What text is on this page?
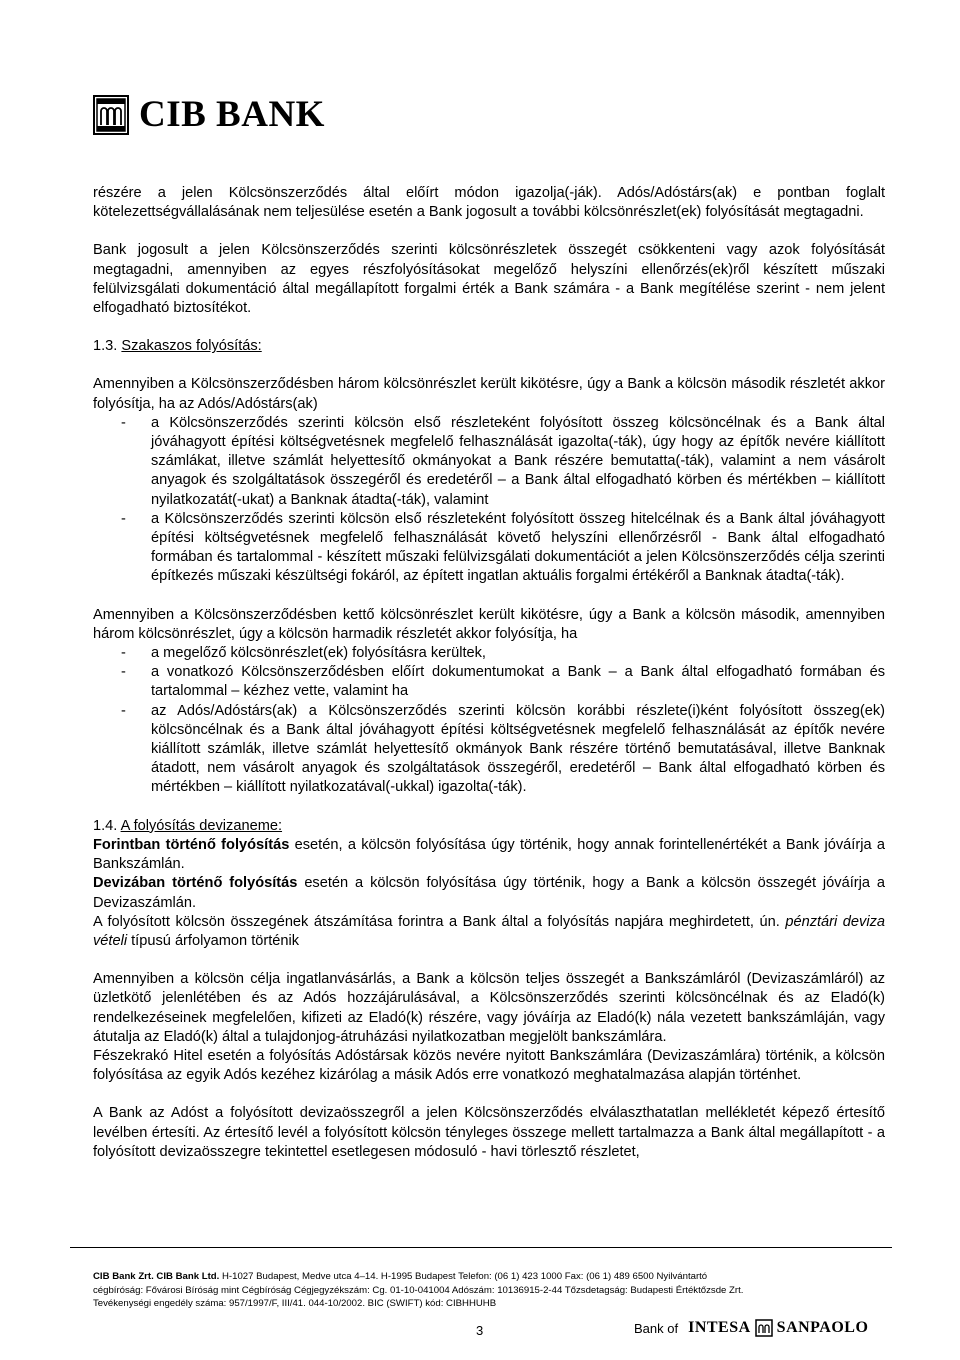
CIB BANK

részére a jelen Kölcsönszerződés által előírt módon igazolja(-ják). Adós/Adóstárs(ak) e pontban foglalt kötelezettségvállalásának nem teljesülése esetén a Bank jogosult a további kölcsönrészlet(ek) folyósítását megtagadni.

Bank jogosult a jelen Kölcsönszerződés szerinti kölcsönrészletek összegét csökkenteni vagy azok folyósítását megtagadni, amennyiben az egyes részfolyósításokat megelőző helyszíni ellenőrzés(ek)ről készített műszaki felülvizsgálati dokumentáció által megállapított forgalmi érték a Bank számára - a Bank megítélése szerint - nem jelent elfogadható biztosítékot.

1.3. Szakaszos folyósítás:

Amennyiben a Kölcsönszerződésben három kölcsönrészlet került kikötésre, úgy a Bank a kölcsön második részletét akkor folyósítja, ha az Adós/Adóstárs(ak)

-	a Kölcsönszerződés szerinti kölcsön első részleteként folyósított összeg kölcsöncélnak és a Bank által jóváhagyott építési költségvetésnek megfelelő felhasználását igazolta(-ták), úgy hogy az építők nevére kiállított számlákat, illetve számlát helyettesítő okmányokat a Bank részére bemutatta(-ták), valamint a nem vásárolt anyagok és szolgáltatások összegéről és eredetéről – a Bank által elfogadható körben és mértékben – kiállított nyilatkozatát(-ukat) a Banknak átadta(-ták), valamint
-	a Kölcsönszerződés szerinti kölcsön első részleteként folyósított összeg hitelcélnak és a Bank által jóváhagyott építési költségvetésnek megfelelő felhasználását követő helyszíni ellenőrzésről - Bank által elfogadható formában és tartalommal - készített műszaki felülvizsgálati dokumentációt a jelen Kölcsönszerződés célja szerinti építkezés műszaki készültségi fokáról, az épített ingatlan aktuális forgalmi értékéről a Banknak átadta(-ták).

Amennyiben a Kölcsönszerződésben kettő kölcsönrészlet került kikötésre, úgy a Bank a kölcsön második, amennyiben három kölcsönrészlet, úgy a kölcsön harmadik részletét akkor folyósítja, ha

-	a megelőző kölcsönrészlet(ek) folyósításra kerültek,
-	a vonatkozó Kölcsönszerződésben előírt dokumentumokat a Bank – a Bank által elfogadható formában és tartalommal – kézhez vette, valamint ha
-	az Adós/Adóstárs(ak) a Kölcsönszerződés szerinti kölcsön korábbi részlete(i)ként folyósított összeg(ek) kölcsöncélnak és a Bank által jóváhagyott építési költségvetésnek megfelelő felhasználását az építők nevére kiállított számlák, illetve számlát helyettesítő okmányok Bank részére történő bemutatásával, illetve Banknak átadott, nem vásárolt anyagok és szolgáltatások összegéről, eredetéről – Bank által elfogadható körben és mértékben – kiállított nyilatkozatával(-ukkal) igazolta(-ták).

1.4. A folyósítás devizaneme:

Forintban történő folyósítás esetén, a kölcsön folyósítása úgy történik, hogy annak forintellenértékét a Bank jóváírja a Bankszámlán.

Devizában történő folyósítás esetén a kölcsön folyósítása úgy történik, hogy a Bank a kölcsön összegét jóváírja a Devizaszámlán.

A folyósított kölcsön összegének átszámítása forintra a Bank által a folyósítás napjára meghirdetett, ún. pénztári deviza vételi típusú árfolyamon történik

Amennyiben a kölcsön célja ingatlanvásárlás, a Bank a kölcsön teljes összegét a Bankszámláról (Devizaszámláról) az üzletkötő jelenlétében és az Adós hozzájárulásával, a Kölcsönszerződés szerinti kölcsöncélnak és az Eladó(k) rendelkezéseinek megfelelően, kifizeti az Eladó(k) részére, vagy jóváírja az Eladó(k) nála vezetett bankszámláján, vagy átutalja az Eladó(k) által a tulajdonjog-átruházási nyilatkozatban megjelölt bankszámlára.

Fészekrakó Hitel esetén a folyósítás Adóstársak közös nevére nyitott Bankszámlára (Devizaszámlára) történik, a kölcsön folyósítása az egyik Adós kezéhez kizárólag a másik Adós erre vonatkozó meghatalmazása alapján történhet.

A Bank az Adóst a folyósított devizaösszegről a jelen Kölcsönszerződés elválaszthatatlan mellékletét képező értesítő levélben értesíti. Az értesítő levél a folyósított kölcsön tényleges összege mellett tartalmazza a Bank által megállapított - a folyósított devizaösszegre tekintettel esetlegesen módosuló - havi törlesztő részletet,

CIB Bank Zrt. CIB Bank Ltd. H-1027 Budapest, Medve utca 4–14. H-1995 Budapest Telefon: (06 1) 423 1000 Fax: (06 1) 489 6500 Nyilvántartó
cégbíróság: Fővárosi Bíróság mint Cégbíróság Cégjegyzékszám: Cg. 01-10-041004 Adószám: 10136915-2-44 Tőzsdetagság: Budapesti Értéktőzsde Zrt.
Tevékenységi engedély száma: 957/1997/F, III/41. 044-10/2002. BIC (SWIFT) kód: CIBHHUHB
3	Bank of INTESA SANPAOLO
